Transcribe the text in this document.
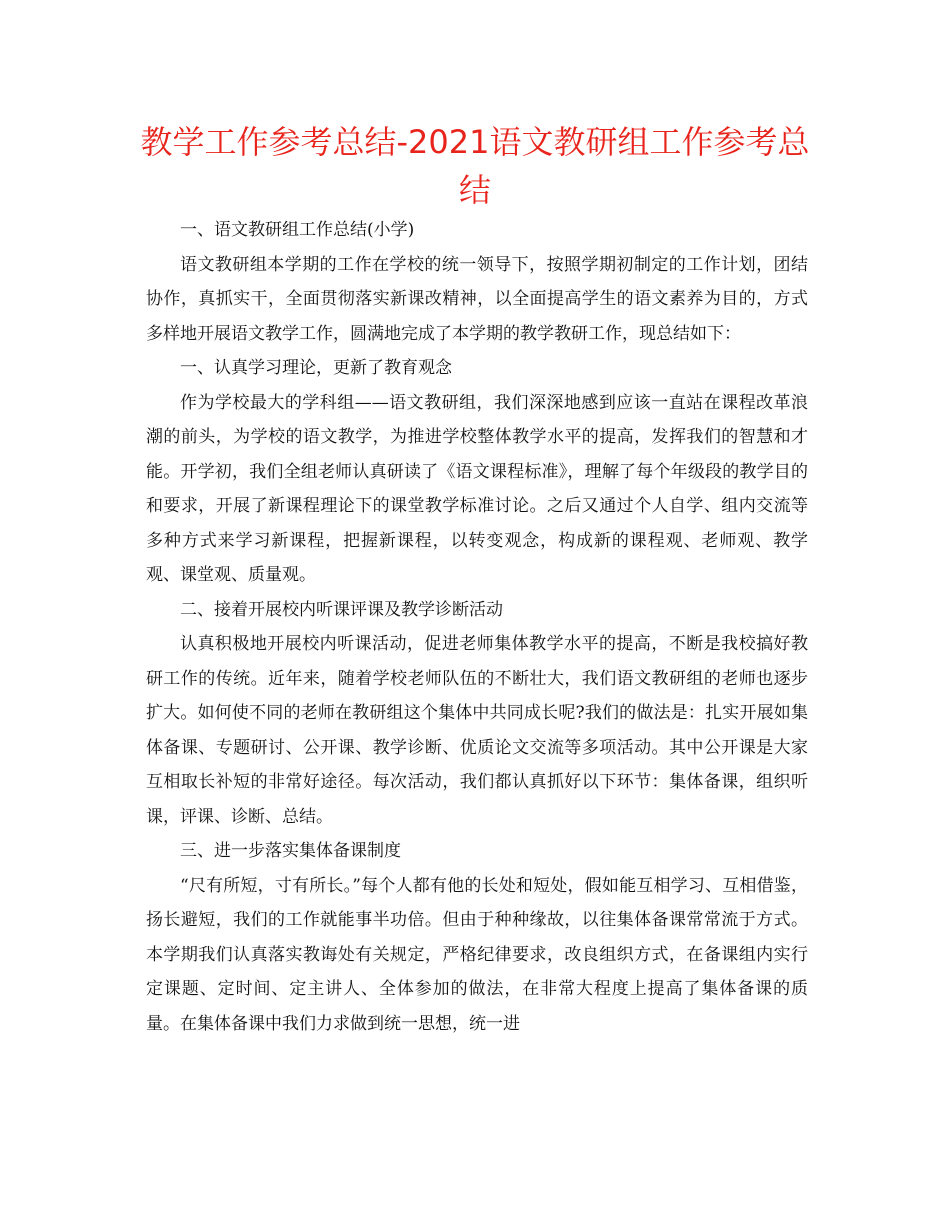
教学工作参考总结-2021语文教研组工作参考总结

一、语文教研组工作总结(小学)

语文教研组本学期的工作在学校的统一领导下，按照学期初制定的工作计划，团结协作，真抓实干，全面贯彻落实新课改精神，以全面提高学生的语文素养为目的，方式多样地开展语文教学工作，圆满地完成了本学期的教学教研工作，现总结如下：

一、认真学习理论，更新了教育观念

作为学校最大的学科组——语文教研组，我们深深地感到应该一直站在课程改革浪潮的前头，为学校的语文教学，为推进学校整体教学水平的提高，发挥我们的智慧和才能。开学初，我们全组老师认真研读了《语文课程标准》，理解了每个年级段的教学目的和要求，开展了新课程理论下的课堂教学标准讨论。之后又通过个人自学、组内交流等多种方式来学习新课程，把握新课程，以转变观念，构成新的课程观、老师观、教学观、课堂观、质量观。

二、接着开展校内听课评课及教学诊断活动

认真积极地开展校内听课活动，促进老师集体教学水平的提高，不断是我校搞好教研工作的传统。近年来，随着学校老师队伍的不断壮大，我们语文教研组的老师也逐步扩大。如何使不同的老师在教研组这个集体中共同成长呢?我们的做法是：扎实开展如集体备课、专题研讨、公开课、教学诊断、优质论文交流等多项活动。其中公开课是大家互相取长补短的非常好途径。每次活动，我们都认真抓好以下环节：集体备课，组织听课，评课、诊断、总结。

三、进一步落实集体备课制度

“尺有所短，寸有所长。”每个人都有他的长处和短处，假如能互相学习、互相借鉴，扬长避短，我们的工作就能事半功倍。但由于种种缘故，以往集体备课常常流于方式。本学期我们认真落实教诲处有关规定，严格纪律要求，改良组织方式，在备课组内实行定课题、定时间、定主讲人、全体参加的做法，在非常大程度上提高了集体备课的质量。在集体备课中我们力求做到统一思想，统一进
